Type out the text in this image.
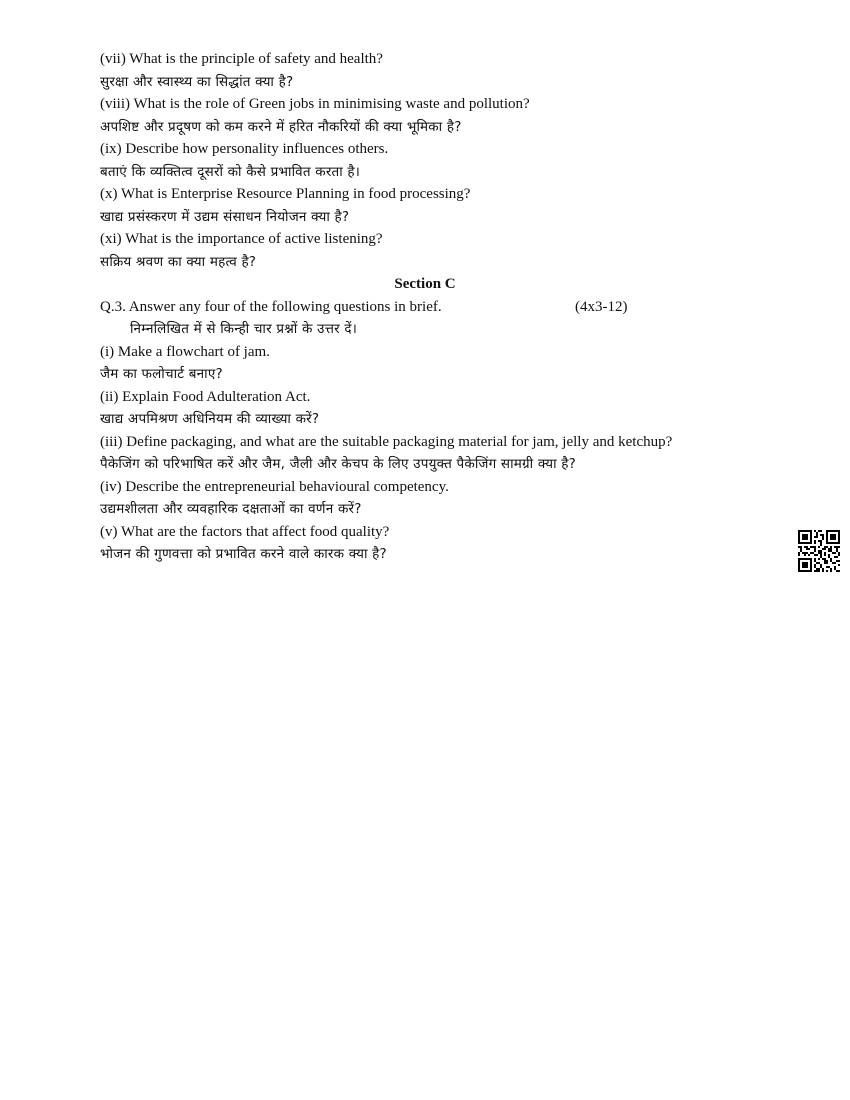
(vii) What is the principle of safety and health?
सुरक्षा और स्वास्थ्य का सिद्धांत क्या है?
(viii) What is the role of Green jobs in minimising waste and pollution?
अपशिष्ट और प्रदूषण को कम करने में हरित नौकरियों की क्या भूमिका है?
(ix) Describe how personality influences others.
बताएं कि व्यक्तित्व दूसरों को कैसे प्रभावित करता है।
(x) What is Enterprise Resource Planning in food processing?
खाद्य प्रसंस्करण में उद्यम संसाधन नियोजन क्या है?
(xi) What is the importance of active listening?
सक्रिय श्रवण का क्या महत्व है?
Section C
Q.3. Answer any four of the following questions in brief.	(4x3-12)
निम्नलिखित में से किन्ही चार प्रश्नों के उत्तर दें।
(i) Make a flowchart of jam.
जैम का फलोचार्ट बनाए?
(ii) Explain Food Adulteration Act.
खाद्य अपमिश्रण अधिनियम की व्याख्या करें?
(iii) Define packaging, and what are the suitable packaging material for jam, jelly and ketchup?
पैकेजिंग को परिभाषित करें और जैम, जैली और केचप के लिए उपयुक्त पैकेजिंग सामग्री क्या है?
(iv) Describe the entrepreneurial behavioural competency.
उद्यमशीलता और व्यवहारिक दक्षताओं का वर्णन करें?
(v) What are the factors that affect food quality?
भोजन की गुणवत्ता को प्रभावित करने वाले कारक क्या है?
